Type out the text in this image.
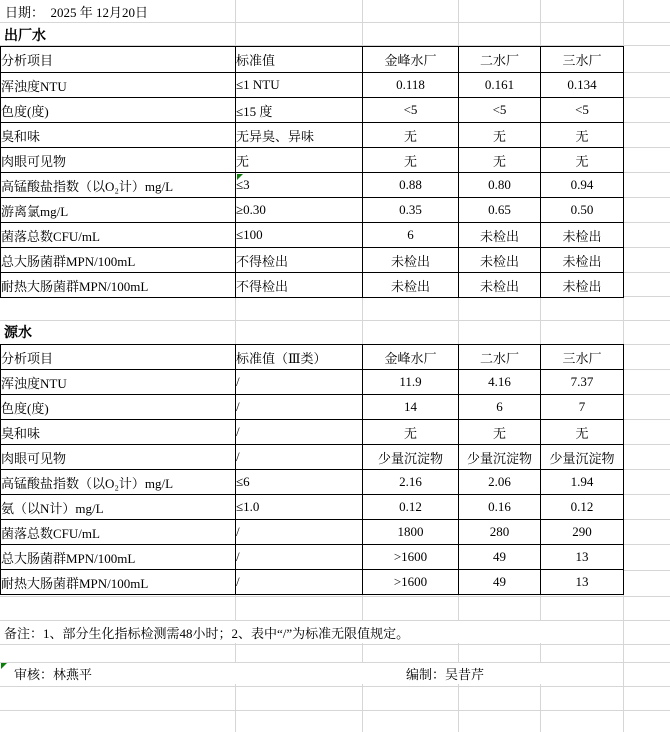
日期：  2025 年 12月20日
出厂水
分析项目	标准值	金峰水厂	二水厂	三水厂
浑浊度NTU	≤1 NTU	0.118	0.161	0.134
色度(度)	≤15 度	<5	<5	<5
臭和味	无异臭、异味	无	无	无
肉眼可见物	无	无	无	无
高锰酸盐指数（以O₂计）mg/L	≤3	0.88	0.80	0.94
游离氯mg/L	≥0.30	0.35	0.65	0.50
菌落总数CFU/mL	≤100	6	未检出	未检出
总大肠菌群MPN/100mL	不得检出	未检出	未检出	未检出
耐热大肠菌群MPN/100mL	不得检出	未检出	未检出	未检出
源水
分析项目	标准值（Ⅲ类）	金峰水厂	二水厂	三水厂
浑浊度NTU	/	11.9	4.16	7.37
色度(度)	/	14	6	7
臭和味	/	无	无	无
肉眼可见物	/	少量沉淀物	少量沉淀物	少量沉淀物
高锰酸盐指数（以O₂计）mg/L	≤6	2.16	2.06	1.94
氨（以N计）mg/L	≤1.0	0.12	0.16	0.12
菌落总数CFU/mL	/	1800	280	290
总大肠菌群MPN/100mL	/	>1600	49	13
耐热大肠菌群MPN/100mL	/	>1600	49	13
备注：1、部分生化指标检测需48小时；2、表中“/”为标准无限值规定。
审核：林燕平	编制：吴昔芹
